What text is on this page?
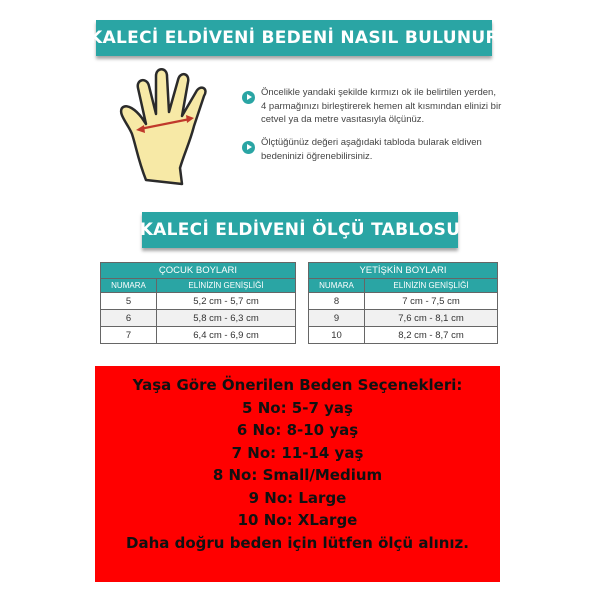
KALECİ ELDİVENİ BEDENİ NASIL BULUNUR
Öncelikle yandaki şekilde kırmızı ok ile belirtilen yerden, 4 parmağınızı birleştirerek hemen alt kısmından elinizi bir cetvel ya da metre vasıtasıyla ölçünüz.
Ölçtüğünüz değeri aşağıdaki tabloda bularak eldiven bedeninizi öğrenebilirsiniz.
KALECİ ELDİVENİ ÖLÇÜ TABLOSU
ÇOCUK BOYLARI	
NUMARA	ELİNİZİN GENİŞLİĞİ
5	5,2 cm - 5,7 cm
6	5,8 cm - 6,3 cm
7	6,4 cm - 6,9 cm
YETİŞKİN BOYLARI	
NUMARA	ELİNİZİN GENİŞLİĞİ
8	7 cm - 7,5 cm
9	7,6 cm - 8,1 cm
10	8,2 cm - 8,7 cm
Yaşa Göre Önerilen Beden Seçenekleri:
5 No: 5-7 yaş
6 No: 8-10 yaş
7 No: 11-14 yaş
8 No: Small/Medium
9 No: Large
10 No: XLarge
Daha doğru beden için lütfen ölçü alınız.
